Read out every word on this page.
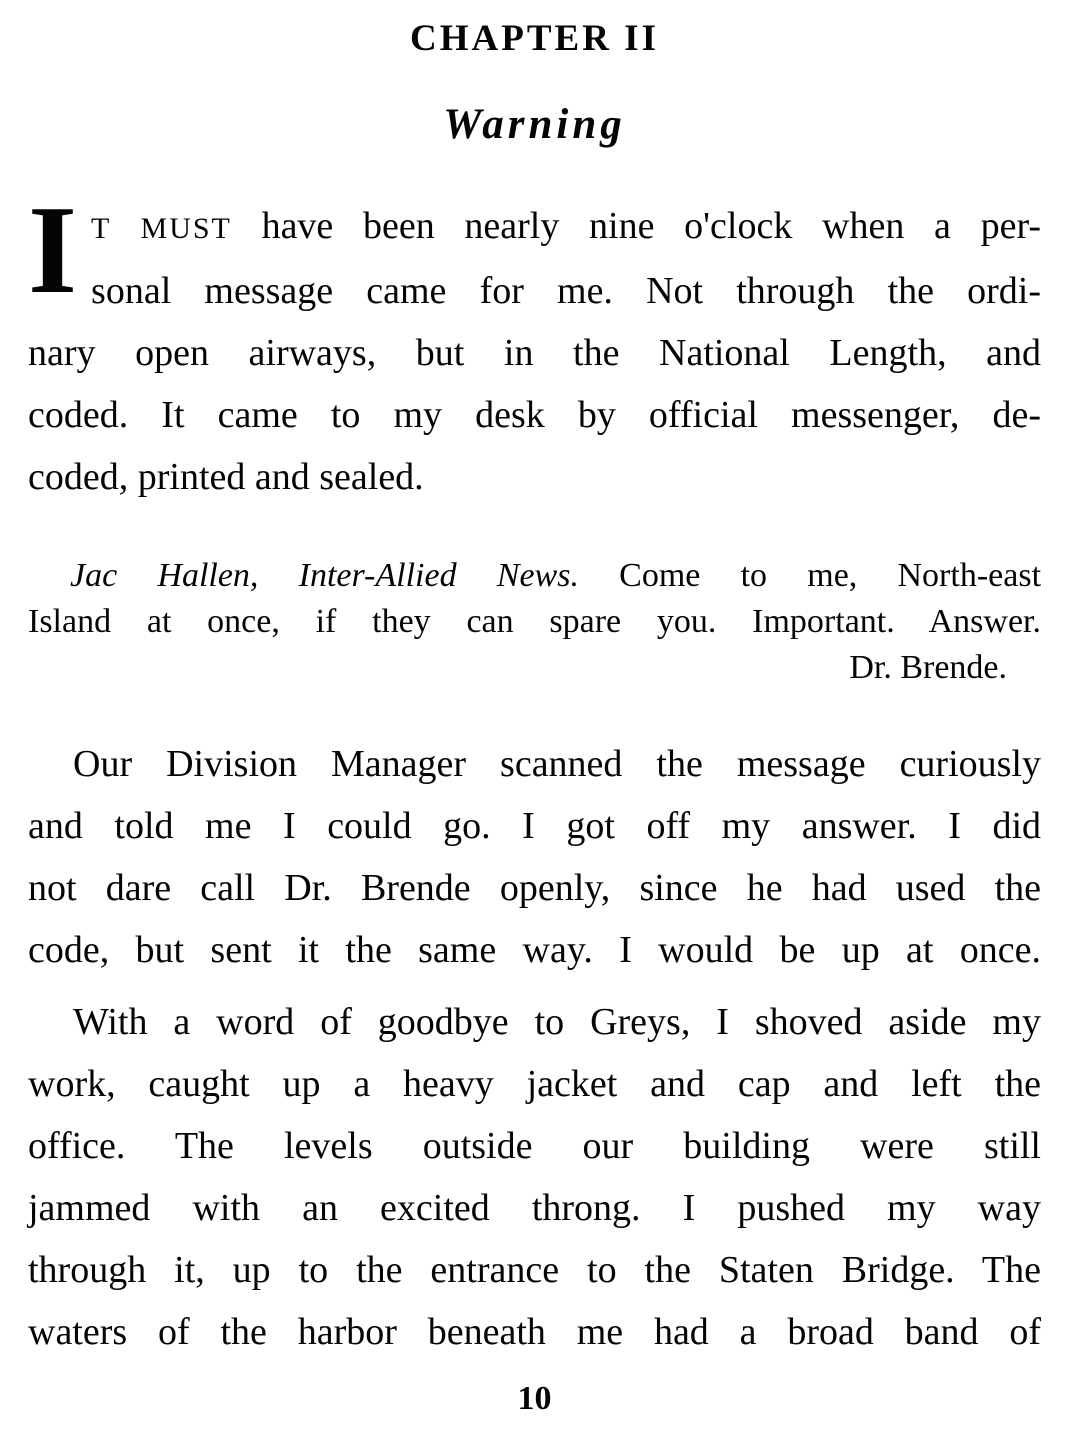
CHAPTER II
Warning
I T MUST have been nearly nine o'clock when a per-
sonal message came for me. Not through the ordi-
nary open airways, but in the National Length, and
coded. It came to my desk by official messenger, de-
coded, printed and sealed.
Jac Hallen, Inter-Allied News. Come to me, North-east
Island at once, if they can spare you. Important. Answer.
Dr. Brende.
Our Division Manager scanned the message curiously
and told me I could go. I got off my answer. I did
not dare call Dr. Brende openly, since he had used the
code, but sent it the same way. I would be up at once.
With a word of goodbye to Greys, I shoved aside my
work, caught up a heavy jacket and cap and left the
office. The levels outside our building were still
jammed with an excited throng. I pushed my way
through it, up to the entrance to the Staten Bridge. The
waters of the harbor beneath me had a broad band of
10
